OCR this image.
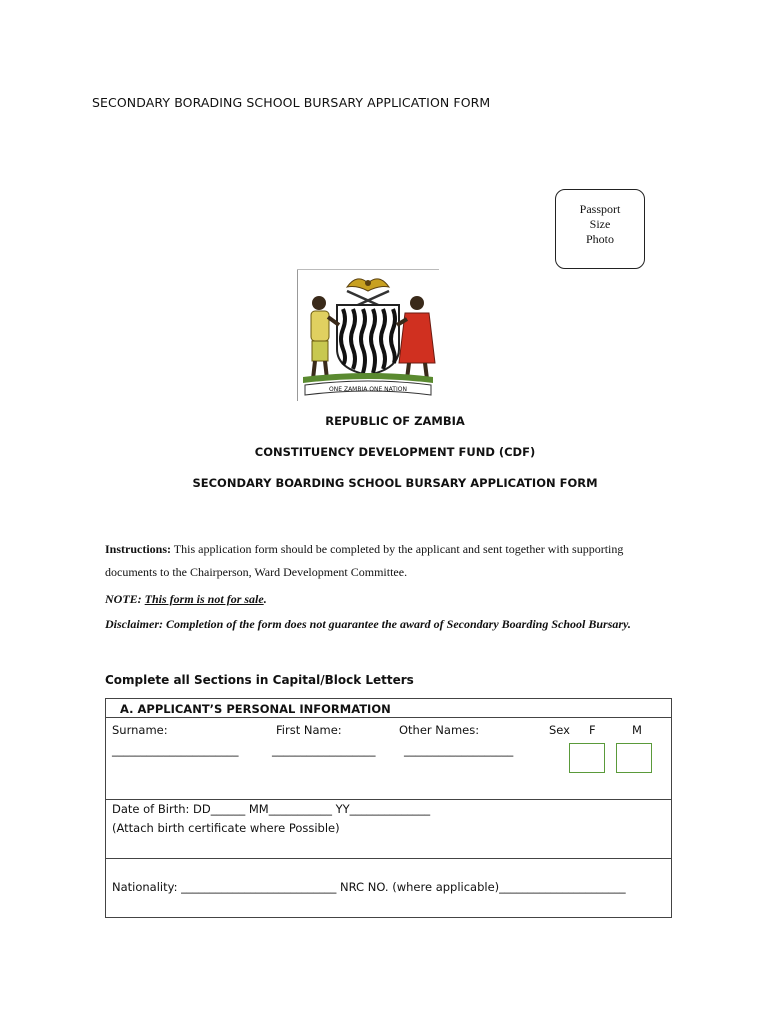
SECONDARY BORADING SCHOOL BURSARY APPLICATION FORM
Passport
Size
Photo
ONE ZAMBIA ONE NATION
REPUBLIC OF ZAMBIA
CONSTITUENCY DEVELOPMENT FUND (CDF)
SECONDARY BOARDING SCHOOL BURSARY APPLICATION FORM
Instructions: This application form should be completed by the applicant and sent together with supporting documents to the Chairperson, Ward Development Committee.
NOTE: This form is not for sale.
Disclaimer: Completion of the form does not guarantee the award of Secondary Boarding School Bursary.
Complete all Sections in Capital/Block Letters
A. APPLICANT’S PERSONAL INFORMATION
Surname:	First Name:	Other Names:	Sex F	M
______________________	__________________ ___________________
Date of Birth: DD______ MM___________ YY______________
(Attach birth certificate where Possible)
Nationality: ___________________________ NRC NO. (where applicable)______________________
